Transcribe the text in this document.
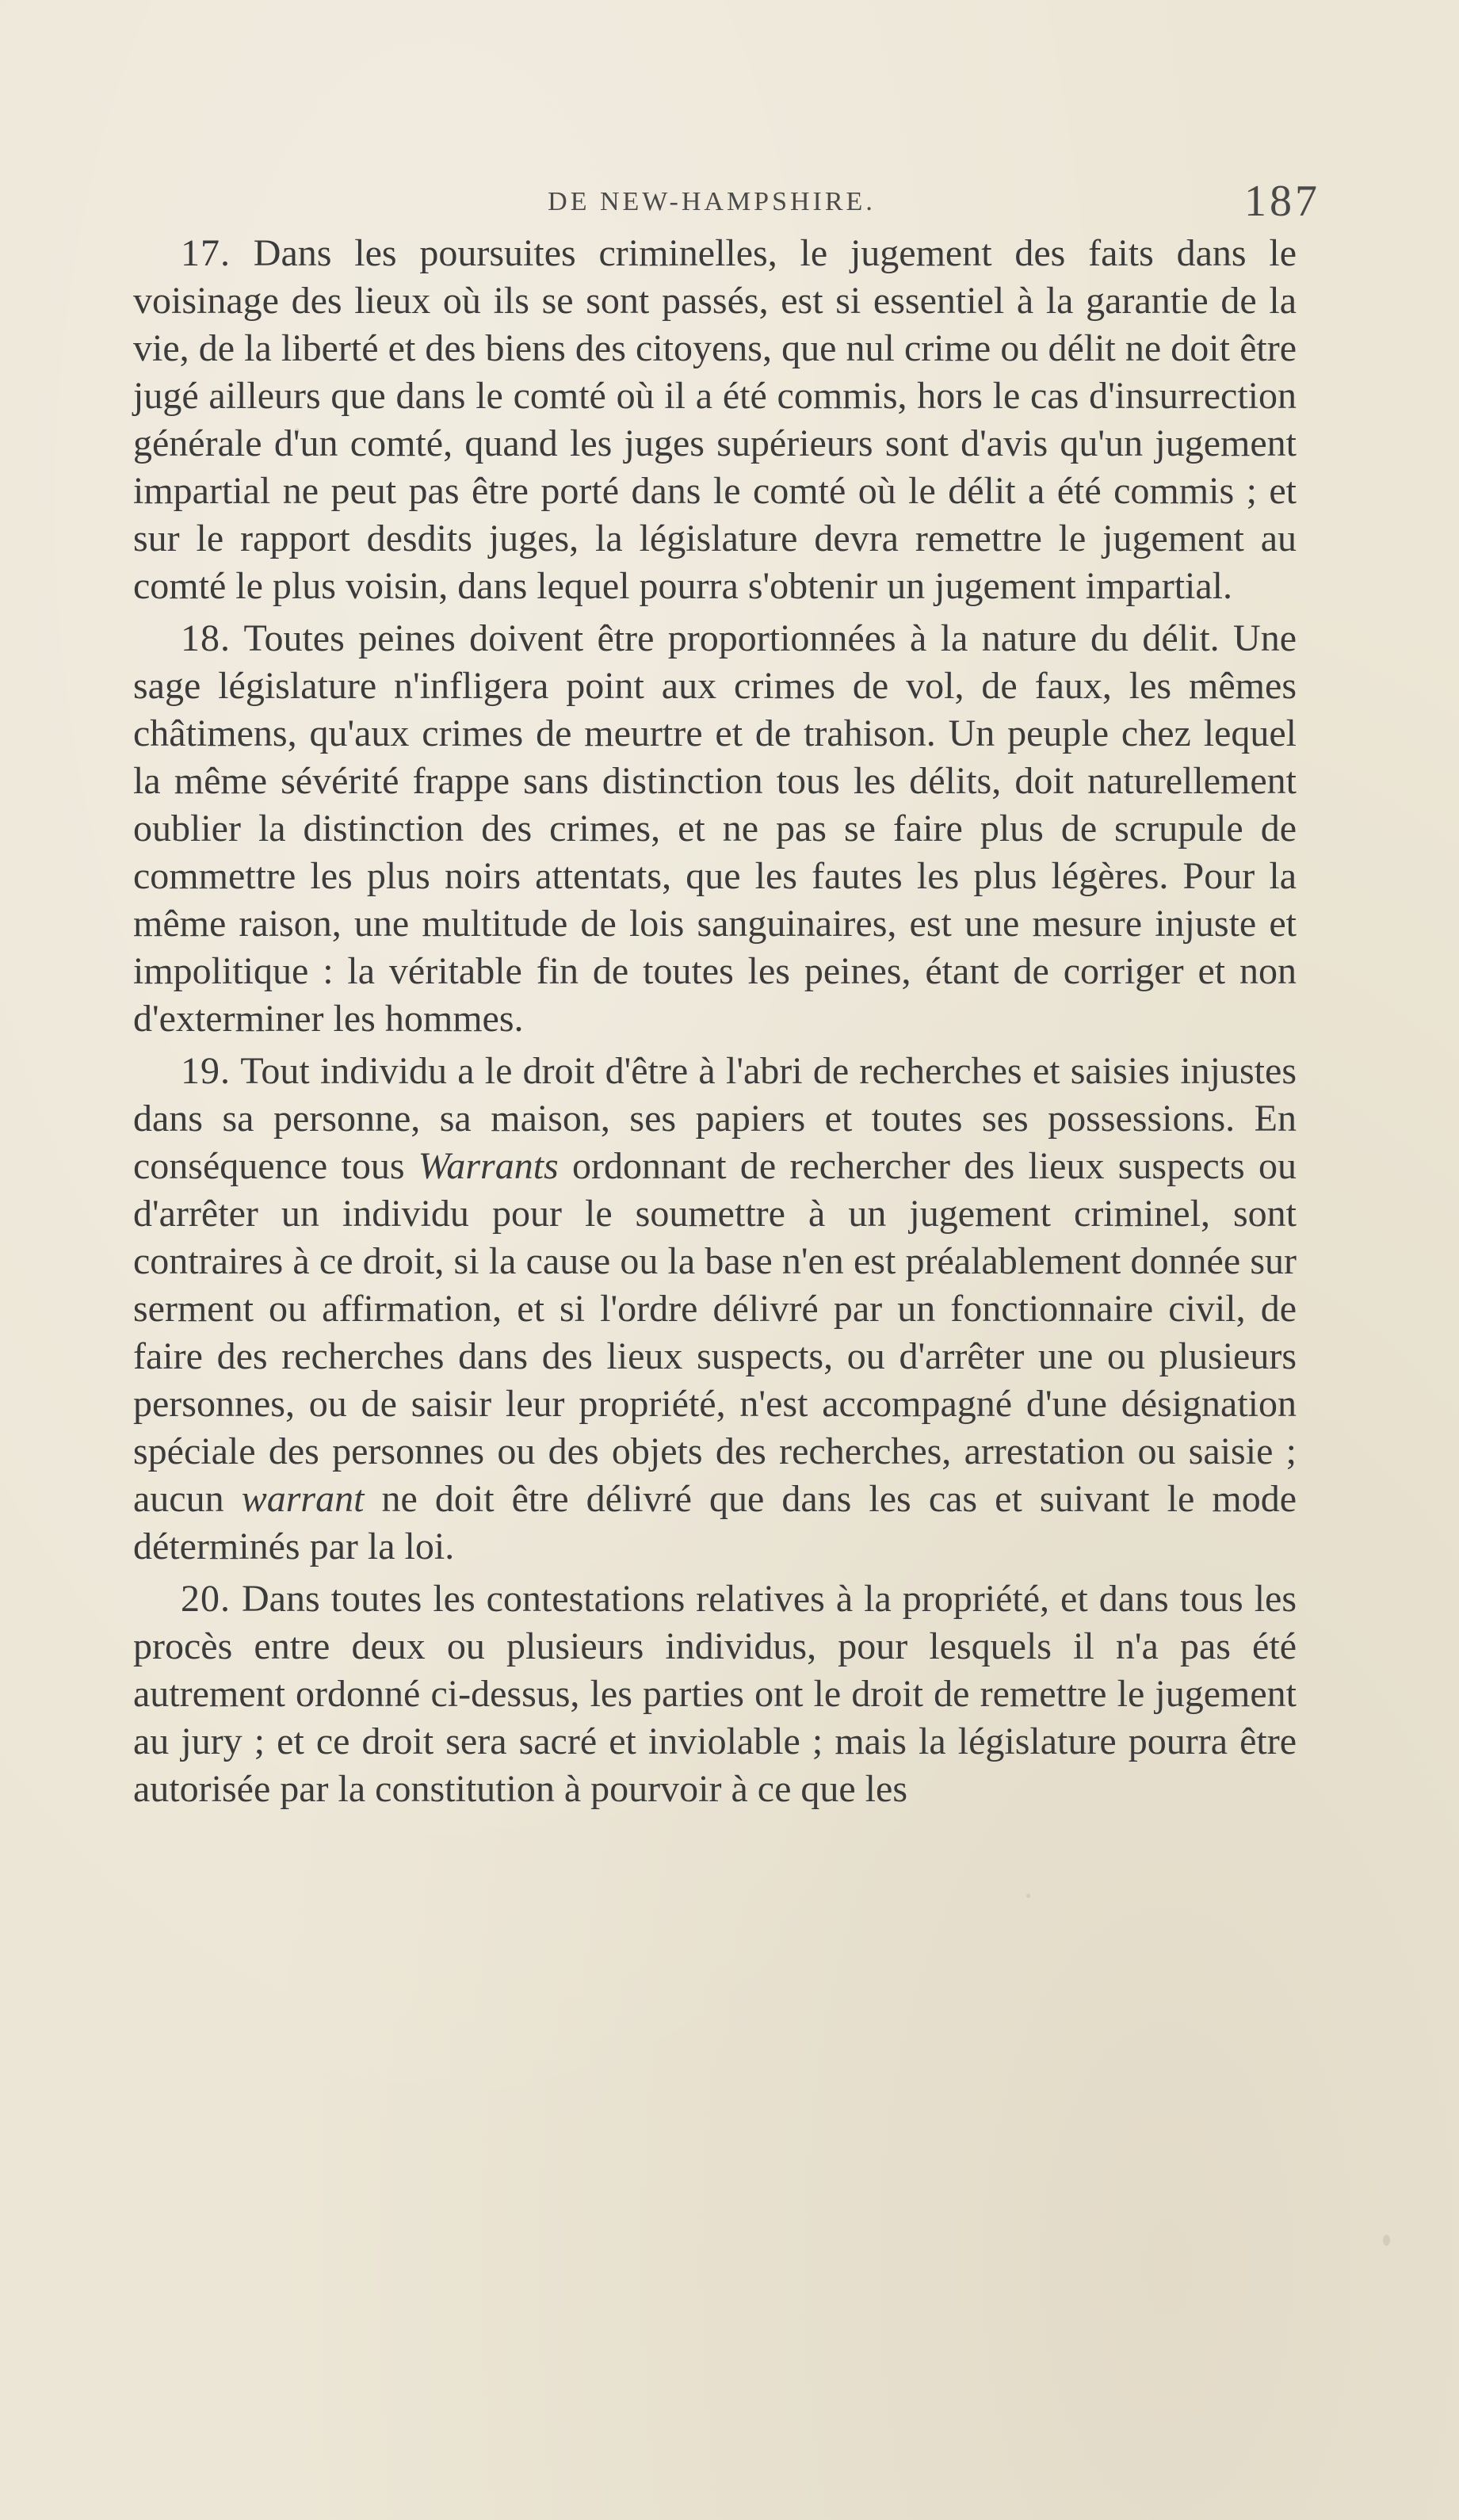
DE NEW-HAMPSHIRE.	187

17. Dans les poursuites criminelles, le jugement des faits dans le voisinage des lieux où ils se sont passés, est si essentiel à la garantie de la vie, de la liberté et des biens des citoyens, que nul crime ou délit ne doit être jugé ailleurs que dans le comté où il a été commis, hors le cas d'insurrection générale d'un comté, quand les juges supérieurs sont d'avis qu'un jugement impartial ne peut pas être porté dans le comté où le délit a été commis ; et sur le rapport desdits juges, la législature devra remettre le jugement au comté le plus voisin, dans lequel pourra s'obtenir un jugement impartial.

18. Toutes peines doivent être proportionnées à la nature du délit. Une sage législature n'infligera point aux crimes de vol, de faux, les mêmes châtimens, qu'aux crimes de meurtre et de trahison. Un peuple chez lequel la même sévérité frappe sans distinction tous les délits, doit naturellement oublier la distinction des crimes, et ne pas se faire plus de scrupule de commettre les plus noirs attentats, que les fautes les plus légères. Pour la même raison, une multitude de lois sanguinaires, est une mesure injuste et impolitique : la véritable fin de toutes les peines, étant de corriger et non d'exterminer les hommes.

19. Tout individu a le droit d'être à l'abri de recherches et saisies injustes dans sa personne, sa maison, ses papiers et toutes ses possessions. En conséquence tous Warrants ordonnant de rechercher des lieux suspects ou d'arrêter un individu pour le soumettre à un jugement criminel, sont contraires à ce droit, si la cause ou la base n'en est préalablement donnée sur serment ou affirmation, et si l'ordre délivré par un fonctionnaire civil, de faire des recherches dans des lieux suspects, ou d'arrêter une ou plusieurs personnes, ou de saisir leur propriété, n'est accompagné d'une désignation spéciale des personnes ou des objets des recherches, arrestation ou saisie ; aucun warrant ne doit être délivré que dans les cas et suivant le mode déterminés par la loi.

20. Dans toutes les contestations relatives à la propriété, et dans tous les procès entre deux ou plusieurs individus, pour lesquels il n'a pas été autrement ordonné ci-dessus, les parties ont le droit de remettre le jugement au jury ; et ce droit sera sacré et inviolable ; mais la législature pourra être autorisée par la constitution à pourvoir à ce que les
